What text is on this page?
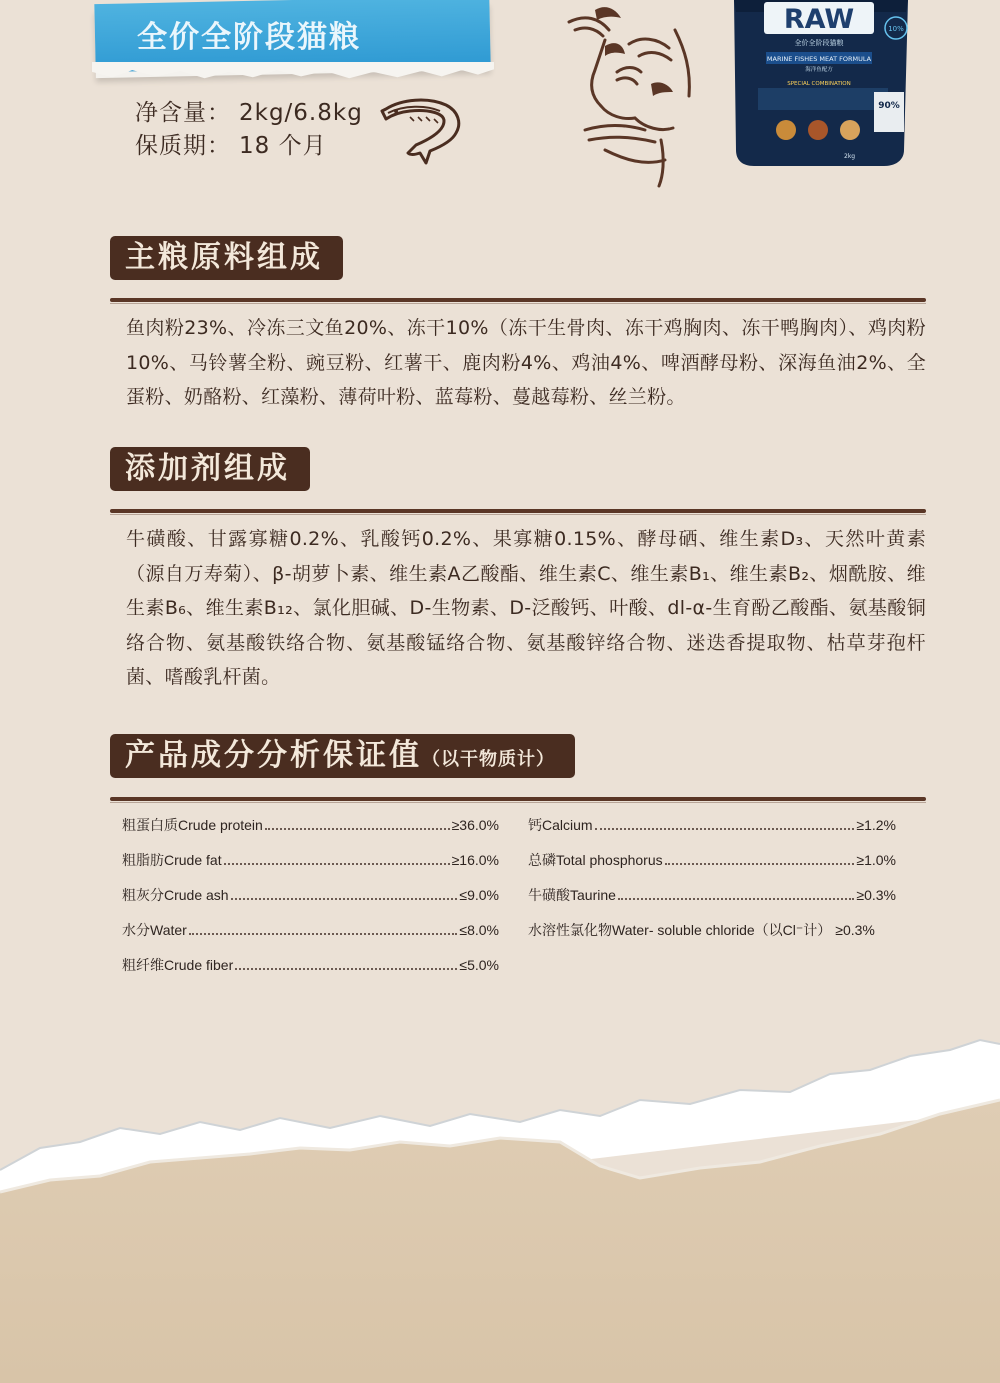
全价全阶段猫粮
净含量： 2kg/6.8kg
保质期： 18 个月
RAW
MARINE FISHES MEAT FORMULA
全价全阶段猫粮
海洋鱼配方
SPECIAL COMBINATION
90%
10%
2kg
主粮原料组成
鱼肉粉23%、冷冻三文鱼20%、冻干10%（冻干生骨肉、冻干鸡胸肉、冻干鸭胸肉）、鸡肉粉10%、马铃薯全粉、豌豆粉、红薯干、鹿肉粉4%、鸡油4%、啤酒酵母粉、深海鱼油2%、全蛋粉、奶酪粉、红藻粉、薄荷叶粉、蓝莓粉、蔓越莓粉、丝兰粉。
添加剂组成
牛磺酸、甘露寡糖0.2%、乳酸钙0.2%、果寡糖0.15%、酵母硒、维生素D₃、天然叶黄素（源自万寿菊）、β-胡萝卜素、维生素A乙酸酯、维生素C、维生素B₁、维生素B₂、烟酰胺、维生素B₆、维生素B₁₂、氯化胆碱、D-生物素、D-泛酸钙、叶酸、dl-α-生育酚乙酸酯、氨基酸铜络合物、氨基酸铁络合物、氨基酸锰络合物、氨基酸锌络合物、迷迭香提取物、枯草芽孢杆菌、嗜酸乳杆菌。
产品成分分析保证值（以干物质计）
粗蛋白质Crude protein	≥36.0%
粗脂肪Crude fat	≥16.0%
粗灰分Crude ash	≤9.0%
水分Water	≤8.0%
粗纤维Crude fiber	≤5.0%
钙Calcium	≥1.2%
总磷Total phosphorus	≥1.0%
牛磺酸Taurine	≥0.3%
水溶性氯化物Water- soluble chloride（以Cl⁻计） ≥0.3%
